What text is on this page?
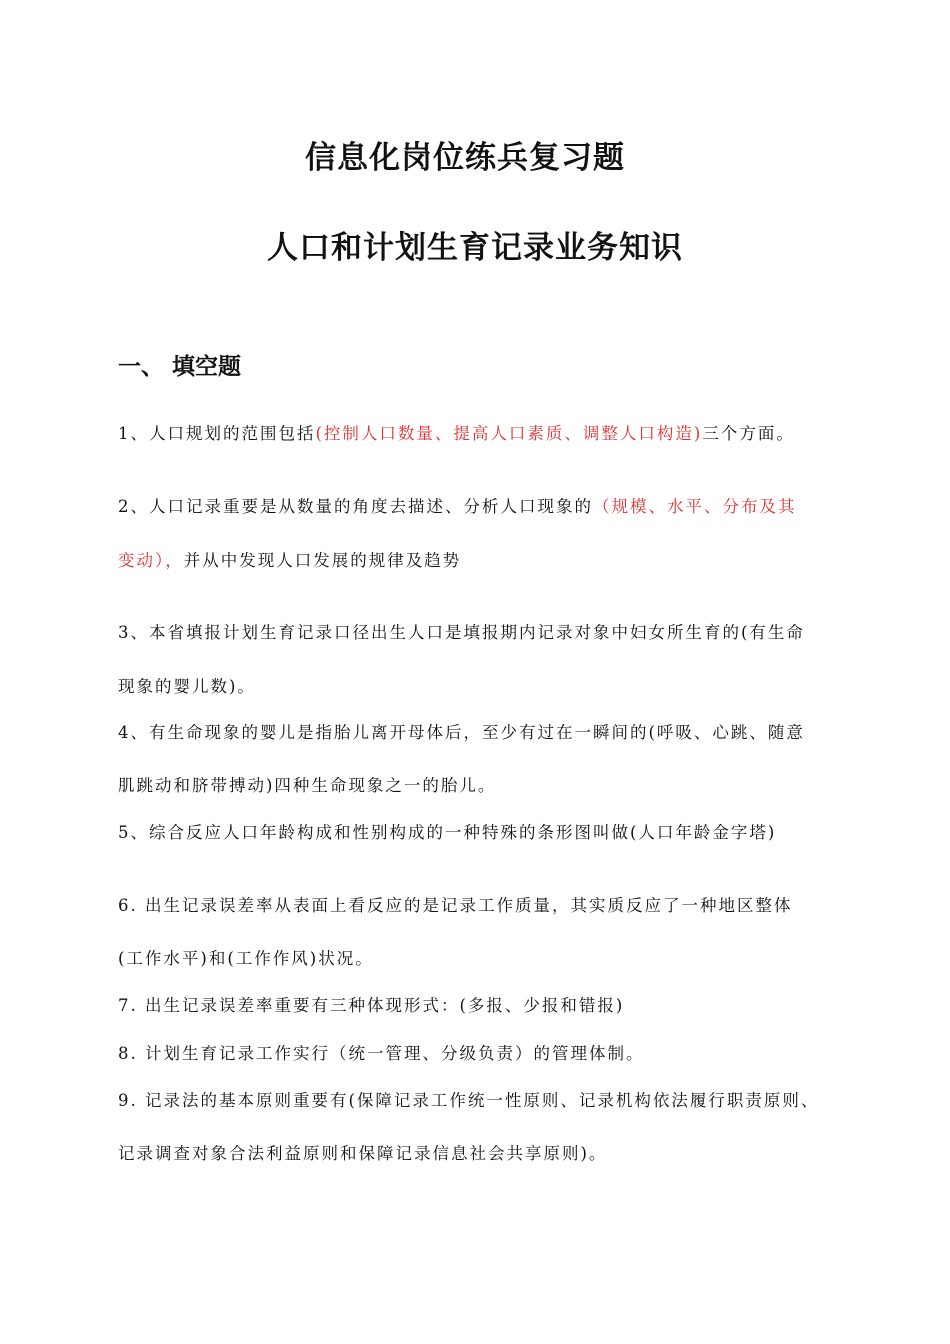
信息化岗位练兵复习题
人口和计划生育记录业务知识
一、 填空题
1、人口规划的范围包括(控制人口数量、提高人口素质、调整人口构造)三个方面。
2、人口记录重要是从数量的角度去描述、分析人口现象的（规模、水平、分布及其
变动），并从中发现人口发展的规律及趋势
3、本省填报计划生育记录口径出生人口是填报期内记录对象中妇女所生育的(有生命
现象的婴儿数)。
4、有生命现象的婴儿是指胎儿离开母体后，至少有过在一瞬间的(呼吸、心跳、随意
肌跳动和脐带搏动)四种生命现象之一的胎儿。
5、综合反应人口年龄构成和性别构成的一种特殊的条形图叫做(人口年龄金字塔)
6. 出生记录误差率从表面上看反应的是记录工作质量，其实质反应了一种地区整体
(工作水平)和(工作作风)状况。
7. 出生记录误差率重要有三种体现形式：(多报、少报和错报)
8. 计划生育记录工作实行（统一管理、分级负责）的管理体制。
9. 记录法的基本原则重要有(保障记录工作统一性原则、记录机构依法履行职责原则、
记录调查对象合法利益原则和保障记录信息社会共享原则)。
